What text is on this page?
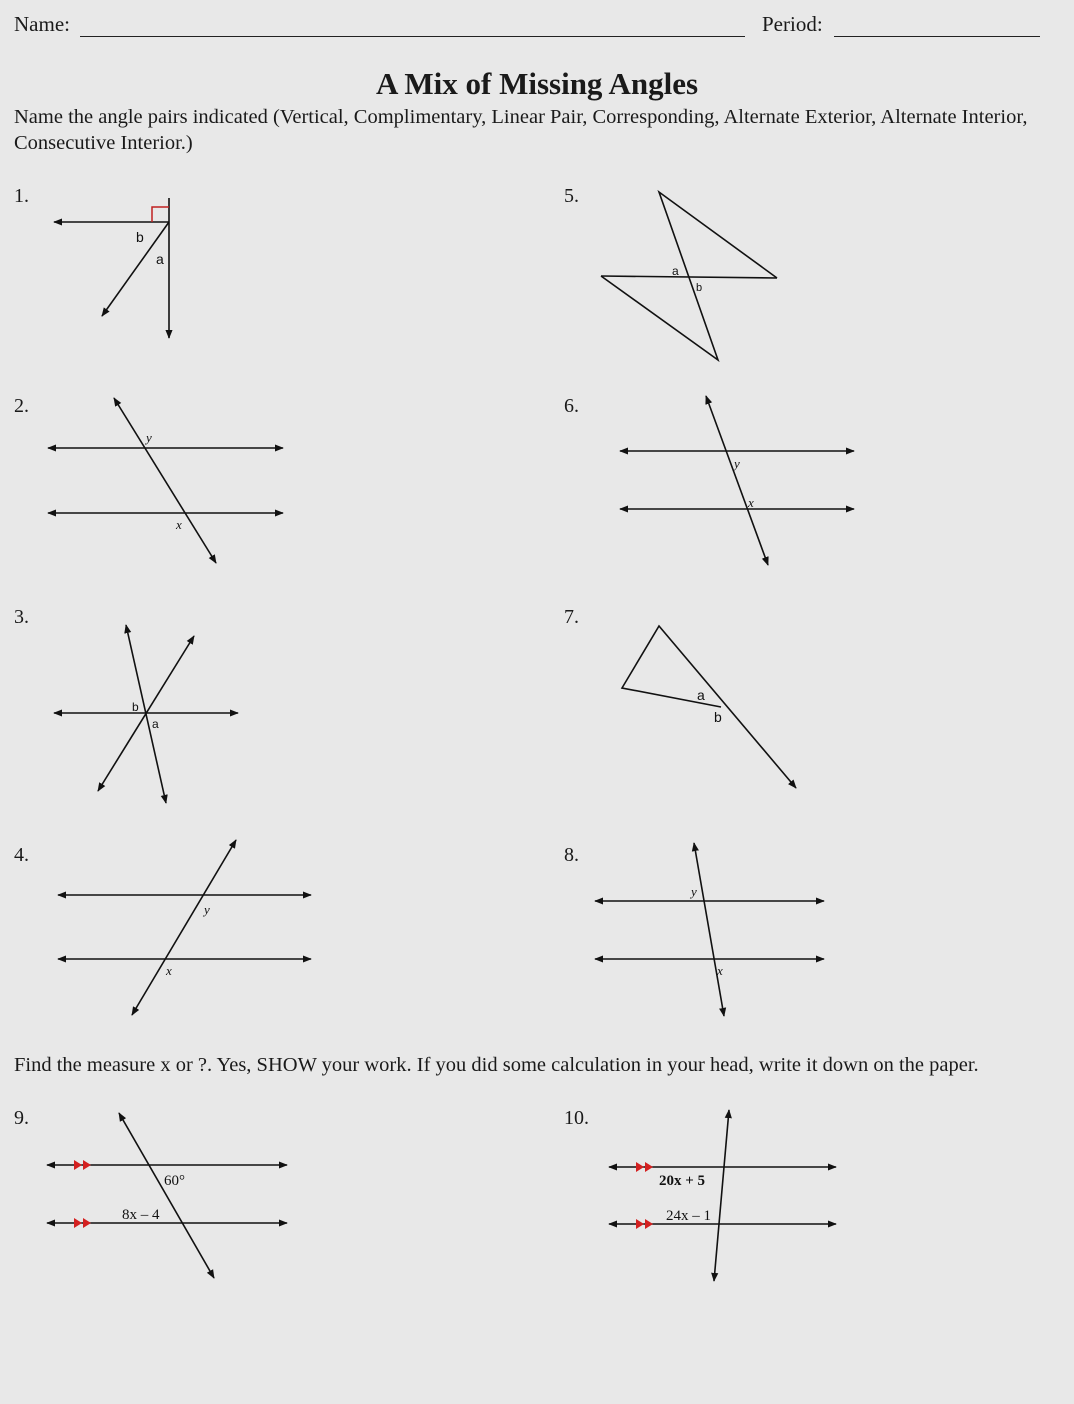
Name:	Period:
A Mix of Missing Angles
Name the angle pairs indicated (Vertical, Complimentary, Linear Pair, Corresponding, Alternate Exterior, Alternate Interior, Consecutive Interior.)
Find the measure x or ?. Yes, SHOW your work. If you did some calculation in your head, write it down on the paper.
1.
2.
3.
4.
5.
6.
7.
8.
9.	10.
b
a
y
x
b
a
y
x
a
b
y
x
a
b
y
x
60°
8x – 4
20x + 5
24x – 1
